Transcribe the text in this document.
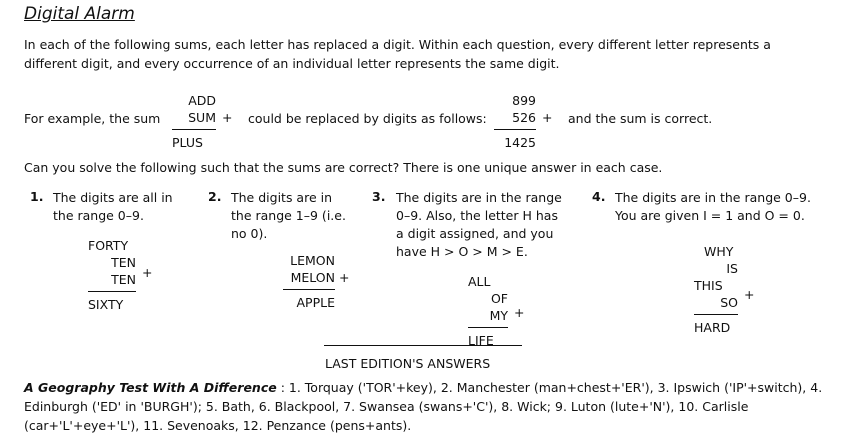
Digital Alarm
In each of the following sums, each letter has replaced a digit. Within each question, every different letter represents a different digit, and every occurrence of an individual letter represents the same digit.
For example, the sum
ADD
SUM
PLUS
+ could be replaced by digits as follows:
899
526
1425
+ and the sum is correct.
Can you solve the following such that the sums are correct? There is one unique answer in each case.
1. The digits are all in the range 0–9.
FORTY
TEN
TEN
SIXTY
+
2. The digits are in the range 1–9 (i.e. no 0).
LEMON
MELON
APPLE
+
3. The digits are in the range 0–9. Also, the letter H has a digit assigned, and you have H > O > M > E.
ALL
OF
MY
LIFE
+
4. The digits are in the range 0–9. You are given I = 1 and O = 0.
WHY
IS
THIS
SO
HARD
+
LAST EDITION'S ANSWERS
A Geography Test With A Difference : 1. Torquay ('TOR'+key), 2. Manchester (man+chest+'ER'), 3. Ipswich ('IP'+switch), 4. Edinburgh ('ED' in 'BURGH'); 5. Bath, 6. Blackpool, 7. Swansea (swans+'C'), 8. Wick; 9. Luton (lute+'N'), 10. Carlisle (car+'L'+eye+'L'), 11. Sevenoaks, 12. Penzance (pens+ants).
